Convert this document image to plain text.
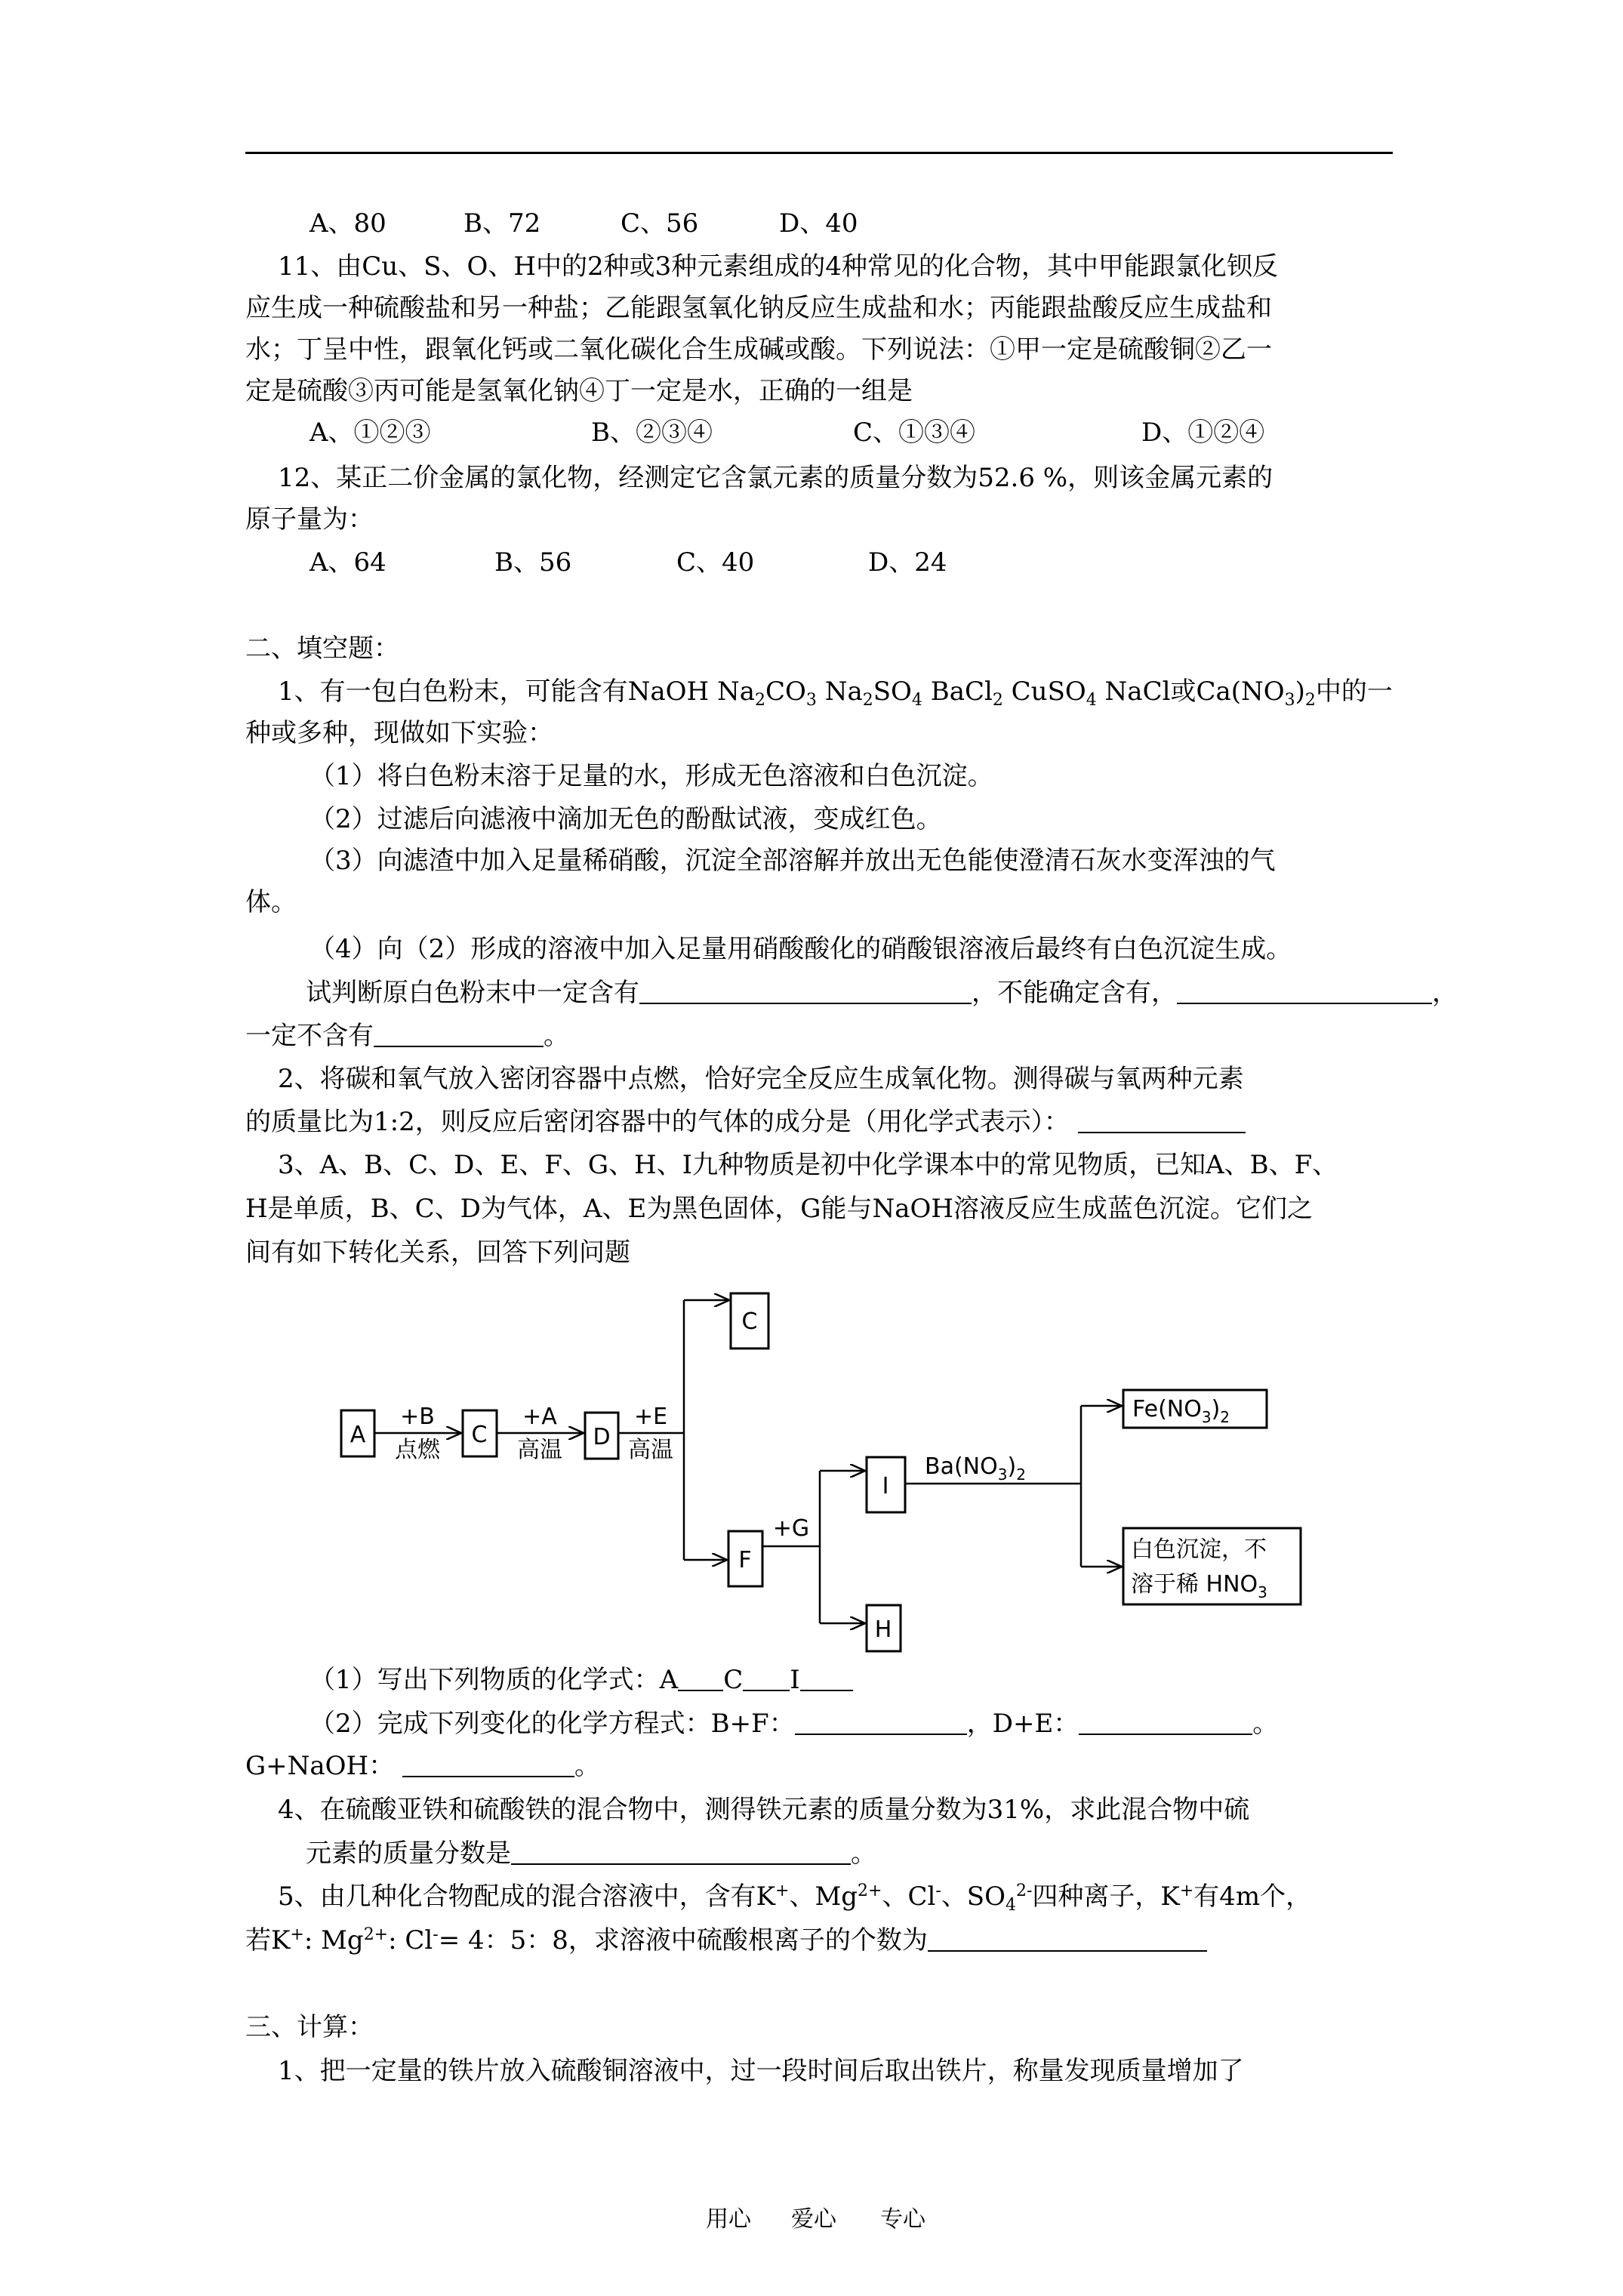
A、80	B、72	C、56	D、40
11、由Cu、S、O、H中的2种或3种元素组成的4种常见的化合物，其中甲能跟氯化钡反
应生成一种硫酸盐和另一种盐；乙能跟氢氧化钠反应生成盐和水；丙能跟盐酸反应生成盐和
水；丁呈中性，跟氧化钙或二氧化碳化合生成碱或酸。下列说法：①甲一定是硫酸铜②乙一
定是硫酸③丙可能是氢氧化钠④丁一定是水，正确的一组是
A、①②③	B、②③④	C、①③④	D、①②④
12、某正二价金属的氯化物，经测定它含氯元素的质量分数为52.6 %，则该金属元素的
原子量为：
A、64	B、56	C、40	D、24
二、填空题：
1、有一包白色粉末，可能含有NaOH $Na_2CO_3$ $Na_2SO_4$ BaCl$_2$ CuSO$_4$ NaCl或$Ca(NO_3)_2$中的一
种或多种，现做如下实验：
（1）将白色粉末溶于足量的水，形成无色溶液和白色沉淀。
（2）过滤后向滤液中滴加无色的酚酞试液，变成红色。
（3）向滤渣中加入足量稀硝酸，沉淀全部溶解并放出无色能使澄清石灰水变浑浊的气
体。
（4）向（2）形成的溶液中加入足量用硝酸酸化的硝酸银溶液后最终有白色沉淀生成。
试判断原白色粉末中一定含有	，不能确定含有，	，
一定不含有	。
2、将碳和氧气放入密闭容器中点燃，恰好完全反应生成氧化物。测得碳与氧两种元素
的质量比为1:2，则反应后密闭容器中的气体的成分是（用化学式表示）：
3、A、B、C、D、E、F、G、H、I九种物质是初中化学课本中的常见物质，已知A、B、F、
H是单质，B、C、D为气体，A、E为黑色固体，G能与NaOH溶液反应生成蓝色沉淀。它们之
间有如下转化关系，回答下列问题
A	C	D
C
F
I
H
+B
点燃
+A
高温
+E
高温
+G
$Ba(NO_3)_2$
$Fe(NO_3)_2$
白色沉淀，不
溶于稀 $HNO_3$
（1）写出下列物质的化学式：A C I
（2）完成下列变化的化学方程式：B+F：	，D+E：	。
G+NaOH：	。
4、在硫酸亚铁和硫酸铁的混合物中，测得铁元素的质量分数为31%，求此混合物中硫
元素的质量分数是	。
5、由几种化合物配成的混合溶液中，含有K+、$Mg^{2+}$、Cl-、$SO_4^{2-}$四种离子，K+有4m个，
若K+: $Mg^{2+}$: Cl-= 4：5：8，求溶液中硫酸根离子的个数为
三、计算：
1、把一定量的铁片放入硫酸铜溶液中，过一段时间后取出铁片，称量发现质量增加了
用心 爱心 专心
